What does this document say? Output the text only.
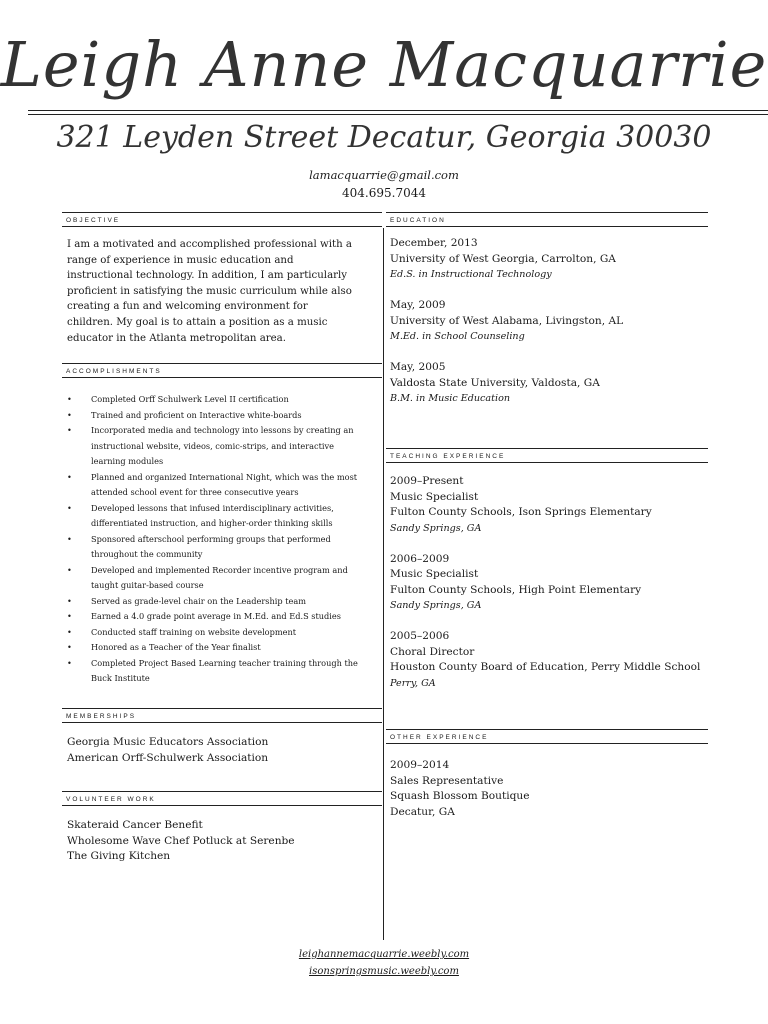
Leigh Anne Macquarrie
321 Leyden Street Decatur, Georgia 30030
lamacquarrie@gmail.com
404.695.7044
OBJECTIVE
I am a motivated and accomplished professional with a range of experience in music education and instructional technology. In addition, I am particularly proficient in satisfying the music curriculum while also creating a fun and welcoming environment for children. My goal is to attain a position as a music educator in the Atlanta metropolitan area.
ACCOMPLISHMENTS
• Completed Orff Schulwerk Level II certification
• Trained and proficient on Interactive white-boards
• Incorporated media and technology into lessons by creating an instructional website, videos, comic-strips, and interactive learning modules
• Planned and organized International Night, which was the most attended school event for three consecutive years
• Developed lessons that infused interdisciplinary activities, differentiated instruction, and higher-order thinking skills
• Sponsored afterschool performing groups that performed throughout the community
• Developed and implemented Recorder incentive program and taught guitar-based course
• Served as grade-level chair on the Leadership team
• Earned a 4.0 grade point average in M.Ed. and Ed.S studies
• Conducted staff training on website development
• Honored as a Teacher of the Year finalist
• Completed Project Based Learning teacher training through the Buck Institute
MEMBERSHIPS
Georgia Music Educators Association
American Orff-Schulwerk Association
VOLUNTEER WORK
Skateraid Cancer Benefit
Wholesome Wave Chef Potluck at Serenbe
The Giving Kitchen
EDUCATION
December, 2013
University of West Georgia, Carrolton, GA
Ed.S. in Instructional Technology
May, 2009
University of West Alabama, Livingston, AL
M.Ed. in School Counseling
May, 2005
Valdosta State University, Valdosta, GA
B.M. in Music Education
TEACHING EXPERIENCE
2009–Present
Music Specialist
Fulton County Schools, Ison Springs Elementary
Sandy Springs, GA
2006–2009
Music Specialist
Fulton County Schools, High Point Elementary
Sandy Springs, GA
2005–2006
Choral Director
Houston County Board of Education, Perry Middle School
Perry, GA
OTHER EXPERIENCE
2009–2014
Sales Representative
Squash Blossom Boutique
Decatur, GA
leighannemacquarrie.weebly.com
isonspringsmusic.weebly.com
